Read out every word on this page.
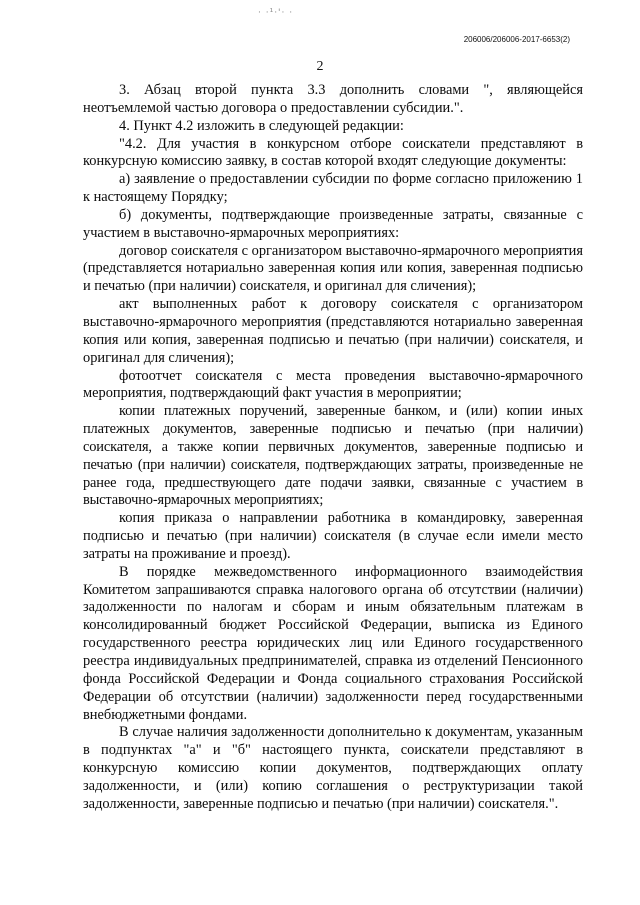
· ·¹·'· ·
206006/206006-2017-6653(2)
2

3. Абзац второй пункта 3.3 дополнить словами ", являющейся неотъемлемой частью договора о предоставлении субсидии.".

4. Пункт 4.2 изложить в следующей редакции:

"4.2. Для участия в конкурсном отборе соискатели представляют в конкурсную комиссию заявку, в состав которой входят следующие документы:

а) заявление о предоставлении субсидии по форме согласно приложению 1 к настоящему Порядку;

б) документы, подтверждающие произведенные затраты, связанные с участием в выставочно-ярмарочных мероприятиях:

договор соискателя с организатором выставочно-ярмарочного мероприятия (представляется нотариально заверенная копия или копия, заверенная подписью и печатью (при наличии) соискателя, и оригинал для сличения);

акт выполненных работ к договору соискателя с организатором выставочно-ярмарочного мероприятия (представляются нотариально заверенная копия или копия, заверенная подписью и печатью (при наличии) соискателя, и оригинал для сличения);

фотоотчет соискателя с места проведения выставочно-ярмарочного мероприятия, подтверждающий факт участия в мероприятии;

копии платежных поручений, заверенные банком, и (или) копии иных платежных документов, заверенные подписью и печатью (при наличии) соискателя, а также копии первичных документов, заверенные подписью и печатью (при наличии) соискателя, подтверждающих затраты, произведенные не ранее года, предшествующего дате подачи заявки, связанные с участием в выставочно-ярмарочных мероприятиях;

копия приказа о направлении работника в командировку, заверенная подписью и печатью (при наличии) соискателя (в случае если имели место затраты на проживание и проезд).

В порядке межведомственного информационного взаимодействия Комитетом запрашиваются справка налогового органа об отсутствии (наличии) задолженности по налогам и сборам и иным обязательным платежам в консолидированный бюджет Российской Федерации, выписка из Единого государственного реестра юридических лиц или Единого государственного реестра индивидуальных предпринимателей, справка из отделений Пенсионного фонда Российской Федерации и Фонда социального страхования Российской Федерации об отсутствии (наличии) задолженности перед государственными внебюджетными фондами.

В случае наличия задолженности дополнительно к документам, указанным в подпунктах "а" и "б" настоящего пункта, соискатели представляют в конкурсную комиссию копии документов, подтверждающих оплату задолженности, и (или) копию соглашения о реструктуризации такой задолженности, заверенные подписью и печатью (при наличии) соискателя.".
